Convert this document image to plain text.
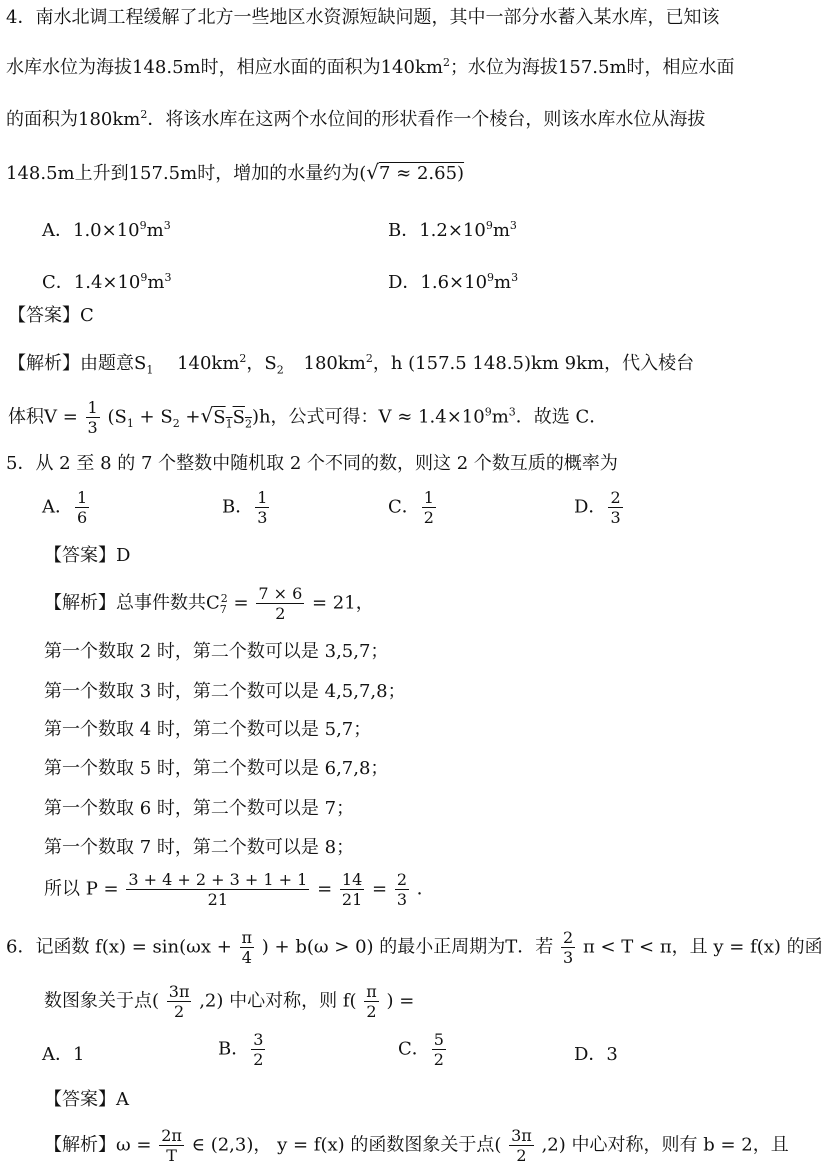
4．南水北调工程缓解了北方一些地区水资源短缺问题，其中一部分水蓄入某水库，已知该
水库水位为海拔148.5m时，相应水面的面积为$140km^2$；水位为海拔157.5m时，相应水面
的面积为$180km^2$．将该水库在这两个水位间的形状看作一个棱台，则该水库水位从海拔
148.5m上升到157.5m时，增加的水量约为(√7 ≈ 2.65)
A．$1.0\times 10^9m^3$	B．$1.2\times 10^9m^3$
C．$1.4\times 10^9m^3$	D．$1.6\times 10^9m^3$
【答案】C
【解析】由题意$S_1$ $140km^2$，$S_2$ $180km^2$，h (157.5 148.5)km 9km，代入棱台
体积$V = \frac{1}{3} (S_1 + S_2 +√S_1S_2)h$，公式可得：$V \approx 1.4\times 10^9m^3$．故选 C．
5．从 2 至 8 的 7 个整数中随机取 2 个不同的数，则这 2 个数互质的概率为
A． $\frac{1}{6}$	B． $\frac{1}{3}$	C． $\frac{1}{2}$	D． $\frac{2}{3}$
【答案】D
【解析】总事件数共$C_7^2 = \frac{7 \times 6}{2} = 21$，
第一个数取 2 时，第二个数可以是 3,5,7；
第一个数取 3 时，第二个数可以是 4,5,7,8；
第一个数取 4 时，第二个数可以是 5,7；
第一个数取 5 时，第二个数可以是 6,7,8；
第一个数取 6 时，第二个数可以是 7；
第一个数取 7 时，第二个数可以是 8；
所以 $P = \frac{3 + 4 + 2 + 3 + 1 + 1}{21} = \frac{14}{21} = \frac{2}{3}$ ．
6．记函数 $f(x) = \sin(\omega x + \frac{\pi}{4}$ ) + b(ω > 0) 的最小正周期为T．若 $\frac{2}{3}$ π < T < π，且 y = f(x) 的函
数图象关于点( $\frac{3\pi}{2} ,2$) 中心对称，则 $f( \frac{\pi}{2}$ ) =
A．1	B． $\frac{3}{2}$	C． $\frac{5}{2}$	D．3
【答案】A
【解析】$\omega = \frac{2\pi}{T}$ ∈ (2,3)， y = f(x) 的函数图象关于点( $\frac{3\pi}{2} ,2$) 中心对称，则有 b = 2，且
